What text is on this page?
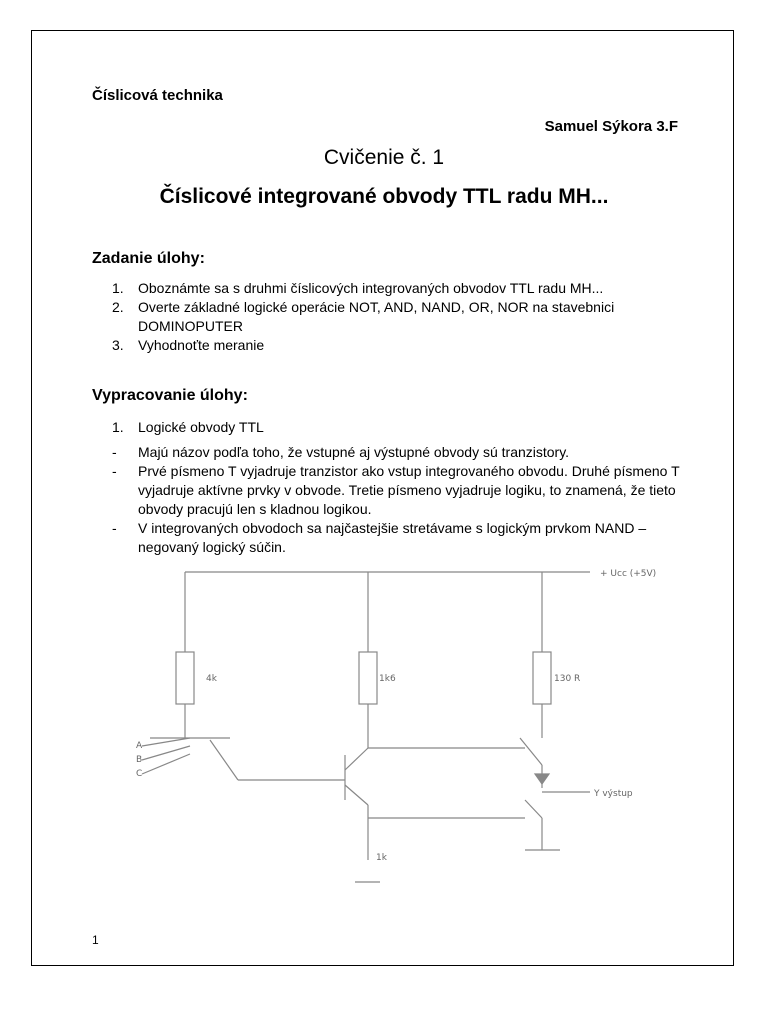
Číslicová technika

Samuel Sýkora 3.F

Cvičenie č. 1

Číslicové integrované obvody TTL radu MH...

Zadanie úlohy:

1. Oboznámte sa s druhmi číslicových integrovaných obvodov TTL radu MH...
2. Overte základné logické operácie NOT, AND, NAND, OR, NOR na stavebnici DOMINOPUTER
3. Vyhodnoťte meranie

Vypracovanie úlohy:

1. Logické obvody TTL
- Majú názov podľa toho, že vstupné aj výstupné obvody sú tranzistory.
- Prvé písmeno T vyjadruje tranzistor ako vstup integrovaného obvodu. Druhé písmeno T vyjadruje aktívne prvky v obvode. Tretie písmeno vyjadruje logiku, to znamená, že tieto obvody pracujú len s kladnou logikou.
- V integrovaných obvodoch sa najčastejšie stretávame s logickým prvkom NAND – negovaný logický súčin.
+ Ucc (+5V)
4k	1k6	130 R
A
B
C
Y výstup
1k

1
